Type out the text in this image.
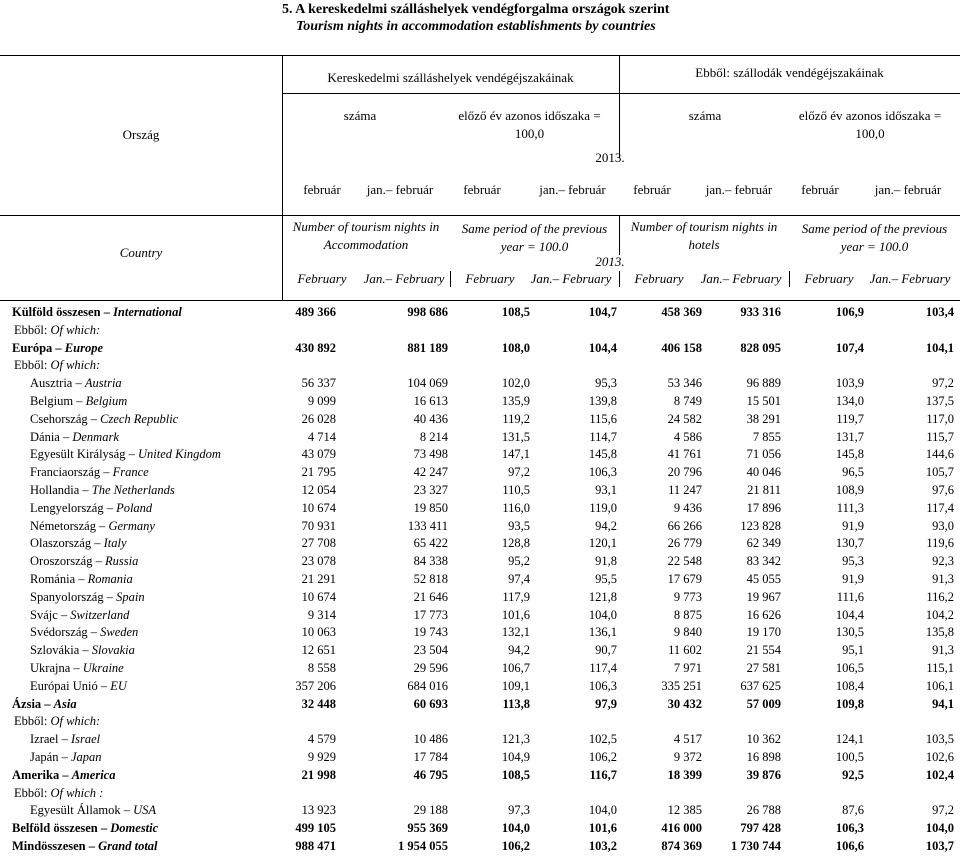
5. A kereskedelmi szálláshelyek vendégforgalma országok szerint
Tourism nights in accommodation establishments by countries
Ország
Kereskedelmi szálláshelyek vendégéjszakáinak	Ebből: szállodák vendégéjszakáinak
száma	előző év azonos időszaka =
100,0
száma	előző év azonos időszaka =
100,0
2013.
február	jan.– február	február	jan.– február	február	jan.– február	február	jan.– február
Country
Number of tourism nights in
Accommodation
Same period of the previous
year = 100.0
Number of tourism nights in
hotels
Same period of the previous
year = 100.0
2013.
February	Jan.– February	February	Jan.– February	February	Jan.– February	February	Jan.– February
Külföld összesen – International	489 366	998 686	108,5	104,7	458 369	933 316	106,9	103,4
Ebből: Of which:
Európa – Europe	430 892	881 189	108,0	104,4	406 158	828 095	107,4	104,1
Ebből: Of which:
Ausztria – Austria	56 337	104 069	102,0	95,3	53 346	96 889	103,9	97,2
Belgium – Belgium	9 099	16 613	135,9	139,8	8 749	15 501	134,0	137,5
Csehország – Czech Republic	26 028	40 436	119,2	115,6	24 582	38 291	119,7	117,0
Dánia – Denmark	4 714	8 214	131,5	114,7	4 586	7 855	131,7	115,7
Egyesült Királyság – United Kingdom	43 079	73 498	147,1	145,8	41 761	71 056	145,8	144,6
Franciaország – France	21 795	42 247	97,2	106,3	20 796	40 046	96,5	105,7
Hollandia – The Netherlands	12 054	23 327	110,5	93,1	11 247	21 811	108,9	97,6
Lengyelország – Poland	10 674	19 850	116,0	119,0	9 436	17 896	111,3	117,4
Németország – Germany	70 931	133 411	93,5	94,2	66 266	123 828	91,9	93,0
Olaszország – Italy	27 708	65 422	128,8	120,1	26 779	62 349	130,7	119,6
Oroszország – Russia	23 078	84 338	95,2	91,8	22 548	83 342	95,3	92,3
Románia – Romania	21 291	52 818	97,4	95,5	17 679	45 055	91,9	91,3
Spanyolország – Spain	10 674	21 646	117,9	121,8	9 773	19 967	111,6	116,2
Svájc – Switzerland	9 314	17 773	101,6	104,0	8 875	16 626	104,4	104,2
Svédország – Sweden	10 063	19 743	132,1	136,1	9 840	19 170	130,5	135,8
Szlovákia – Slovakia	12 651	23 504	94,2	90,7	11 602	21 554	95,1	91,3
Ukrajna – Ukraine	8 558	29 596	106,7	117,4	7 971	27 581	106,5	115,1
Európai Unió – EU	357 206	684 016	109,1	106,3	335 251	637 625	108,4	106,1
Ázsia – Asia	32 448	60 693	113,8	97,9	30 432	57 009	109,8	94,1
Ebből: Of which:
Izrael – Israel	4 579	10 486	121,3	102,5	4 517	10 362	124,1	103,5
Japán – Japan	9 929	17 784	104,9	106,2	9 372	16 898	100,5	102,6
Amerika – America	21 998	46 795	108,5	116,7	18 399	39 876	92,5	102,4
Ebből: Of which :
Egyesült Államok – USA	13 923	29 188	97,3	104,0	12 385	26 788	87,6	97,2
Belföld összesen – Domestic	499 105	955 369	104,0	101,6	416 000	797 428	106,3	104,0
Mindösszesen – Grand total	988 471	1 954 055	106,2	103,2	874 369	1 730 744	106,6	103,7
